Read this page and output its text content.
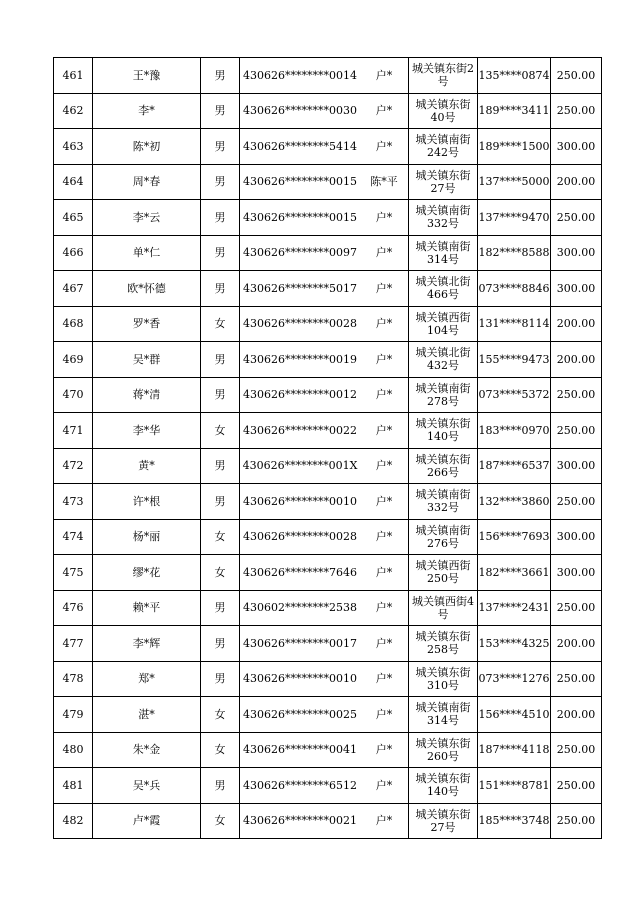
461	王*豫	男	430626********0014	户*	城关镇东街2号	135****0874	250.00
462	李*	男	430626********0030	户*	城关镇东街40号	189****3411	250.00
463	陈*初	男	430626********5414	户*	城关镇南街242号	189****1500	300.00
464	周*春	男	430626********0015	陈*平	城关镇东街27号	137****5000	200.00
465	李*云	男	430626********0015	户*	城关镇南街332号	137****9470	250.00
466	单*仁	男	430626********0097	户*	城关镇南街314号	182****8588	300.00
467	欧*怀德	男	430626********5017	户*	城关镇北街466号	073****8846	300.00
468	罗*香	女	430626********0028	户*	城关镇西街104号	131****8114	200.00
469	吴*群	男	430626********0019	户*	城关镇北街432号	155****9473	200.00
470	蒋*清	男	430626********0012	户*	城关镇南街278号	073****5372	250.00
471	李*华	女	430626********0022	户*	城关镇东街140号	183****0970	250.00
472	黄*	男	430626********001X	户*	城关镇东街266号	187****6537	300.00
473	许*根	男	430626********0010	户*	城关镇南街332号	132****3860	250.00
474	杨*丽	女	430626********0028	户*	城关镇南街276号	156****7693	300.00
475	缪*花	女	430626********7646	户*	城关镇西街250号	182****3661	300.00
476	赖*平	男	430602********2538	户*	城关镇西街4号	137****2431	250.00
477	李*辉	男	430626********0017	户*	城关镇东街258号	153****4325	200.00
478	郑*	男	430626********0010	户*	城关镇东街310号	073****1276	250.00
479	湛*	女	430626********0025	户*	城关镇南街314号	156****4510	200.00
480	朱*金	女	430626********0041	户*	城关镇东街260号	187****4118	250.00
481	吴*兵	男	430626********6512	户*	城关镇东街140号	151****8781	250.00
482	卢*霞	女	430626********0021	户*	城关镇东街27号	185****3748	250.00
